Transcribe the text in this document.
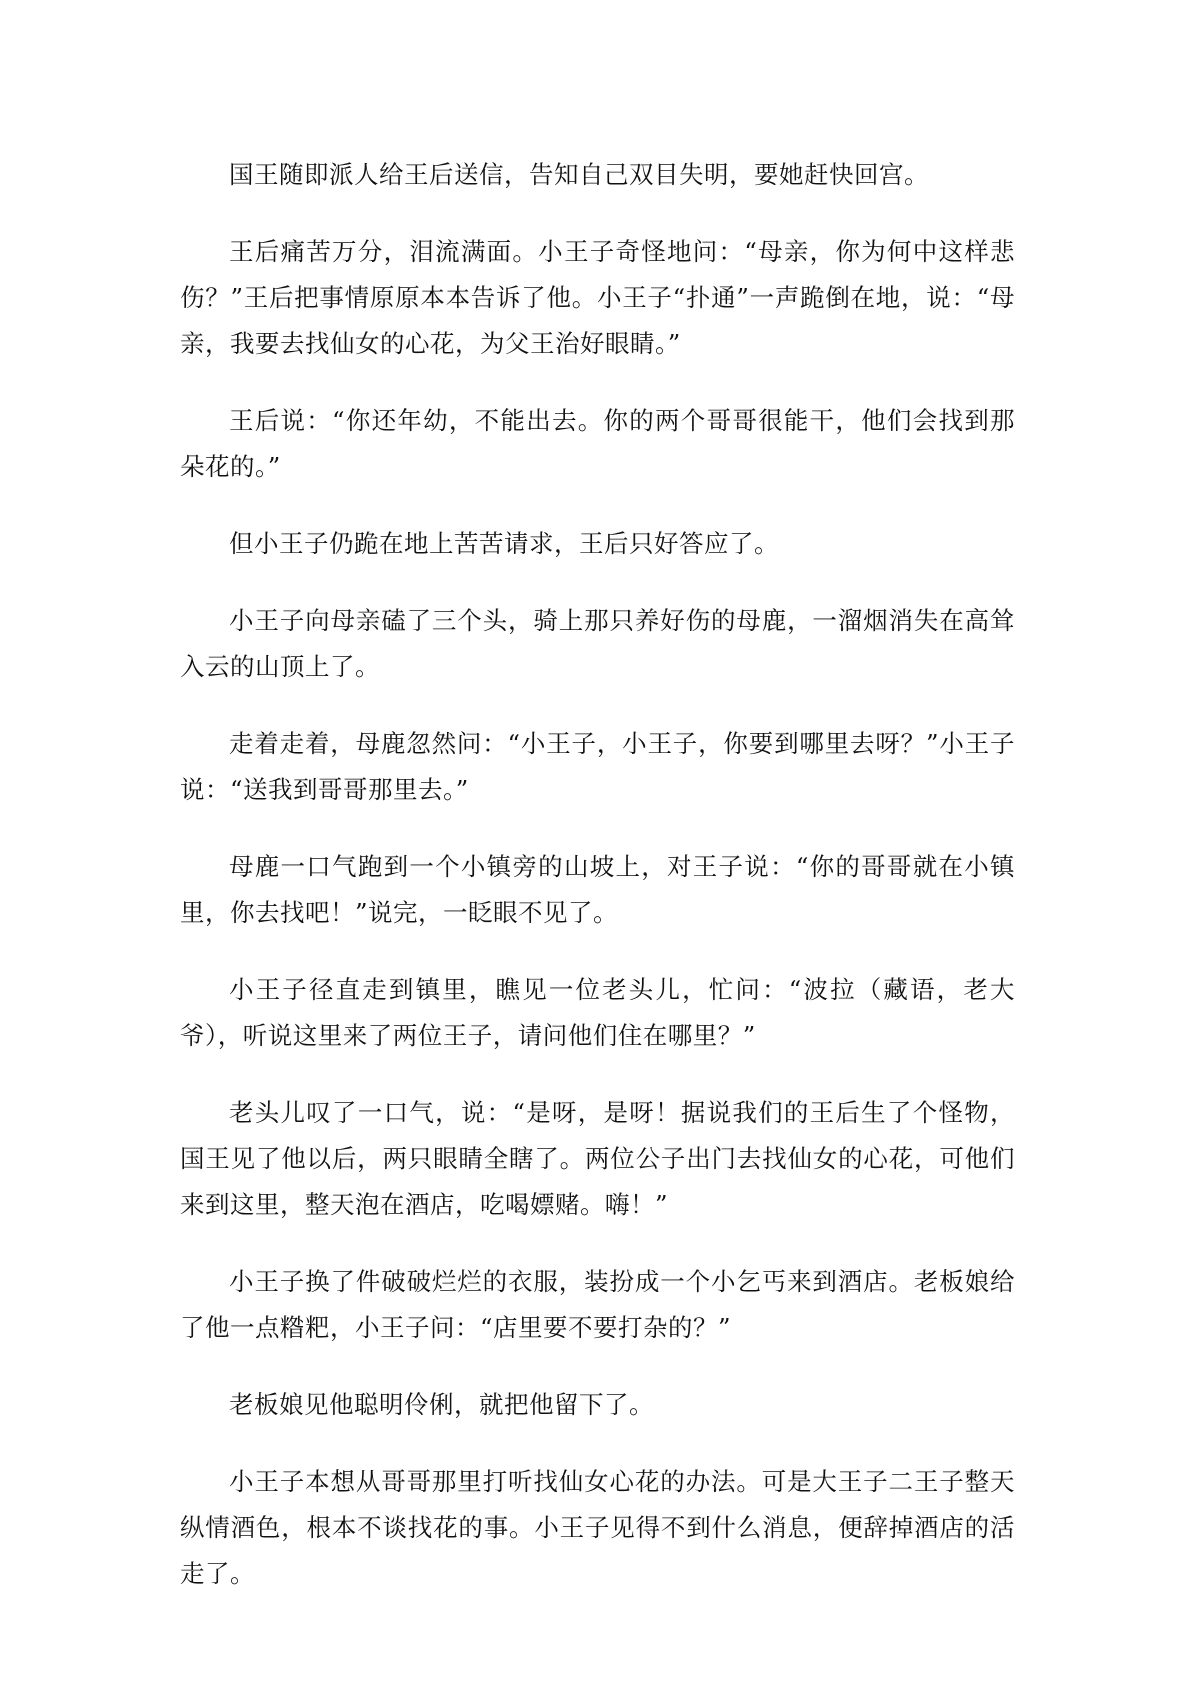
国王随即派人给王后送信，告知自己双目失明，要她赶快回宫。

王后痛苦万分，泪流满面。小王子奇怪地问：“母亲，你为何中这样悲伤？”王后把事情原原本本告诉了他。小王子“扑通”一声跪倒在地，说：“母亲，我要去找仙女的心花，为父王治好眼睛。”

王后说：“你还年幼，不能出去。你的两个哥哥很能干，他们会找到那朵花的。”

但小王子仍跪在地上苦苦请求，王后只好答应了。

小王子向母亲磕了三个头，骑上那只养好伤的母鹿，一溜烟消失在高耸入云的山顶上了。

走着走着，母鹿忽然问：“小王子，小王子，你要到哪里去呀？”小王子说：“送我到哥哥那里去。”

母鹿一口气跑到一个小镇旁的山坡上，对王子说：“你的哥哥就在小镇里，你去找吧！”说完，一眨眼不见了。

小王子径直走到镇里，瞧见一位老头儿，忙问：“波拉（藏语，老大爷），听说这里来了两位王子，请问他们住在哪里？”

老头儿叹了一口气，说：“是呀，是呀！据说我们的王后生了个怪物，国王见了他以后，两只眼睛全瞎了。两位公子出门去找仙女的心花，可他们来到这里，整天泡在酒店，吃喝嫖赌。嗨！”

小王子换了件破破烂烂的衣服，装扮成一个小乞丐来到酒店。老板娘给了他一点糌粑，小王子问：“店里要不要打杂的？”

老板娘见他聪明伶俐，就把他留下了。

小王子本想从哥哥那里打听找仙女心花的办法。可是大王子二王子整天纵情酒色，根本不谈找花的事。小王子见得不到什么消息，便辞掉酒店的活走了。
